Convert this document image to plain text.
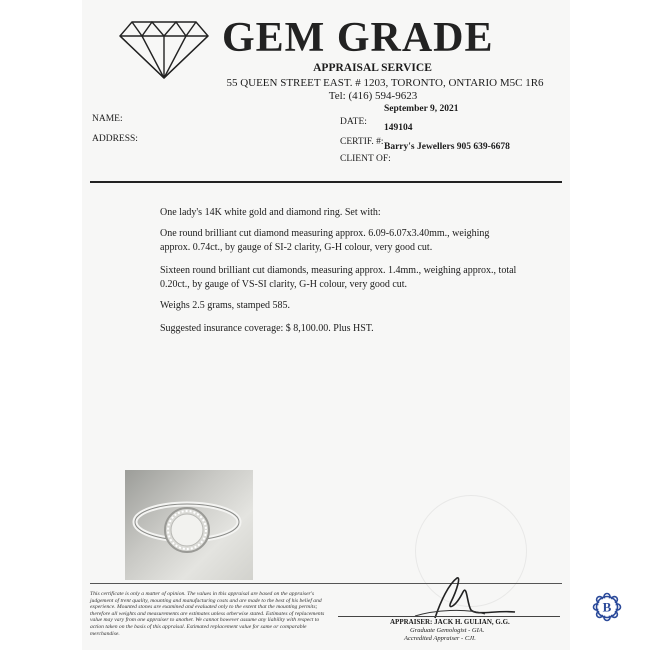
GEM GRADE
APPRAISAL SERVICE
55 QUEEN STREET EAST. # 1203, TORONTO, ONTARIO M5C 1R6
Tel: (416) 594-9623
September 9, 2021
NAME:	DATE:
ADDRESS:
149104
CERTIF. #: Barry's Jewellers 905 639-6678
CLIENT OF:
One lady's 14K white gold and diamond ring. Set with:
One round brilliant cut diamond measuring approx. 6.09-6.07x3.40mm., weighing approx. 0.74ct., by gauge of SI-2 clarity, G-H colour, very good cut.
Sixteen round brilliant cut diamonds, measuring approx. 1.4mm., weighing approx., total 0.20ct., by gauge of VS-SI clarity, G-H colour, very good cut.
Weighs 2.5 grams, stamped 585.
Suggested insurance coverage: $ 8,100.00. Plus HST.
This certificate is only a matter of opinion. The values in this appraisal are based on the appraiser's judgement of trent quality, mounting and manufacturing costs and are made to the best of his belief and experience. Mounted stones are examined and evaluated only to the extent that the mounting permits; therefore all weights and measurements are estimates unless otherwise stated. Estimates of replacements value may vary from one appraiser to another. We cannot however assume any liability with respect to action taken on the basis of this appraisal. Estimated replacement value for same or comparable merchandise.
APPRAISER: JACK H. GULIAN, G.G.
Graduate Gemologist - GIA.
Accredited Appraiser - CJI.
B
